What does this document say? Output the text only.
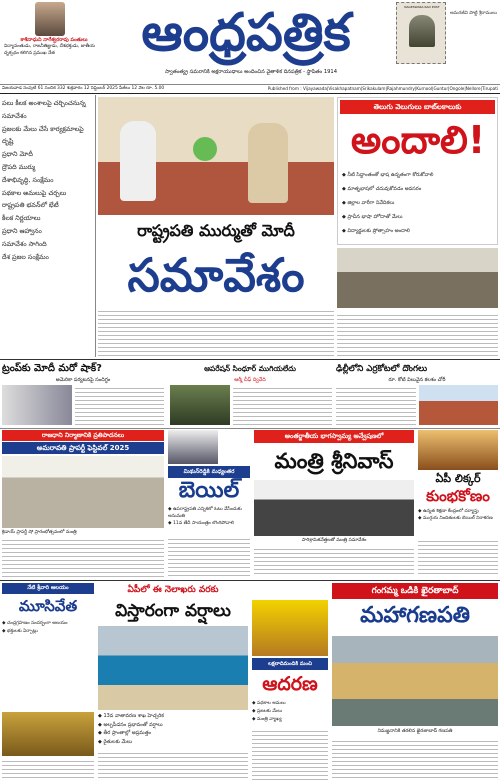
కాశీనాధుని నాగేశ్వరరావు పంతులు
విద్యావంతుడు, రాజనీతిజ్ఞుడు, దేశభక్తుడు, జాతీయ దృక్పథం కలిగిన ప్రముఖ నేత	ఆంధ్రపత్రిక	NAGESWARA RAO POST
అమరజీవి పొట్టి శ్రీరాములు
స్వాతంత్య్ర సమరానికి అక్షరాయుధాలు అందించిన వైతాళిక దినపత్రిక - స్థాపితం 1914
విజయవాడ సంపుటి 61 సంచిక 332 శుక్రవారం 12 సెప్టెంబర్ 2025 పేజీలు 12 వెల రూ. 5.00	Published from : Vijayawada|Visakhapatnam|Srikakulam|Rajahmundry|Kurnool|Guntur|Ongole|Nellore|Tirupati
పలు కీలక అంశాలపై చర్చించనున్న సమావేశం
ప్రజలకు మేలు చేసే కార్యక్రమాలపై దృష్టి
ప్రధాని మోదీ
ద్రౌపది ముర్ము
దేశాభివృద్ధి, సంక్షేమం
పథకాల అమలుపై చర్చలు
రాష్ట్రపతి భవన్‌లో భేటీ
కీలక నిర్ణయాలు
ప్రధాని ఆహ్వానం
సమావేశం సాగింది
దేశ ప్రజల సంక్షేమం
తెలుగు వెలుగులు బాట్‌లకాలుకు
అందాలి!
◆ నీటి సిద్ధాంతంతో భాష ఉన్నతంగా కోరుకోవాలి
◆ మాతృభాషలో చదువుకోవడం అవసరం
◆ జిల్లాల వారీగా నివేదికలు
◆ ప్రాచీన భాషా హోదాతో మేలు
◆ విద్యార్థులకు ప్రోత్సాహం అందాలి
రాష్ట్రపతి ముర్ముతో మోదీ
సమావేశం
ట్రంప్‌కు మోదీ మరో షాక్?
అమెరికా పర్యటనపై సందిగ్ధం
ఆపరేషన్ సింధూర్ ముగియలేదు
ఆర్మీ చీఫ్ ద్వివేది
ఢిల్లీలోని ఎర్రకోటలో దొంగలు
రూ. కోటి విలువైన కలశం చోరీ
రాజధాని నిర్మాణానికి ప్రతిపాదనలు
అమరావతి ప్రాపర్టీ ఫెస్టివల్ 2025
క్రెడాయ్ ప్రాపర్టీ షో ప్రారంభోత్సవంలో మంత్రి
మిథున్‌రెడ్డికి మధ్యంతర
బెయిల్
◆ ఉపరాష్ట్రపతి ఎన్నికలో ఓటు వేసేందుకు అనుమతి
◆ 11వ తేదీ సాయంత్రం లొంగిపోవాలి
అంతర్జాతీయ భాగస్వామ్య అన్వేషణలో
మంత్రి శ్రీనివాస్
పారిశ్రామికవేత్తలతో మంత్రి సమావేశం
ఏపీ లిక్కర్
కుంభకోణం
◆ ఉన్నత శిక్షణా కేంద్రంలో దర్యాప్తు
◆ ముగ్గురు నిందితులకు బెయిల్ నిరాకరణ
నేటి శ్రీవారి ఆలయం
మూసివేత
◆ చంద్రగ్రహణం సందర్భంగా ఆలయం
◆ భక్తులకు ఏర్పాట్లు
ఏపీలో ఈ నెలాఖరు వరకు
విస్తారంగా వర్షాలు
◆ 13వ వాతావరణ శాఖ హెచ్చరిక
◆ అల్పపీడనం ప్రభావంతో వర్షాలు
◆ తీర ప్రాంతాల్లో అప్రమత్తం
◆ రైతులకు మేలు
లక్షలాదిమందికి మంచి
ఆదరణ
◆ పథకాల అమలు
◆ ప్రజలకు మేలు
◆ మంత్రి వ్యాఖ్య
గంగమ్మ ఒడికి ఖైరతాబాద్
మహాగణపతి
నిమజ్జనానికి తరలిన ఖైరతాబాద్ గణపతి
